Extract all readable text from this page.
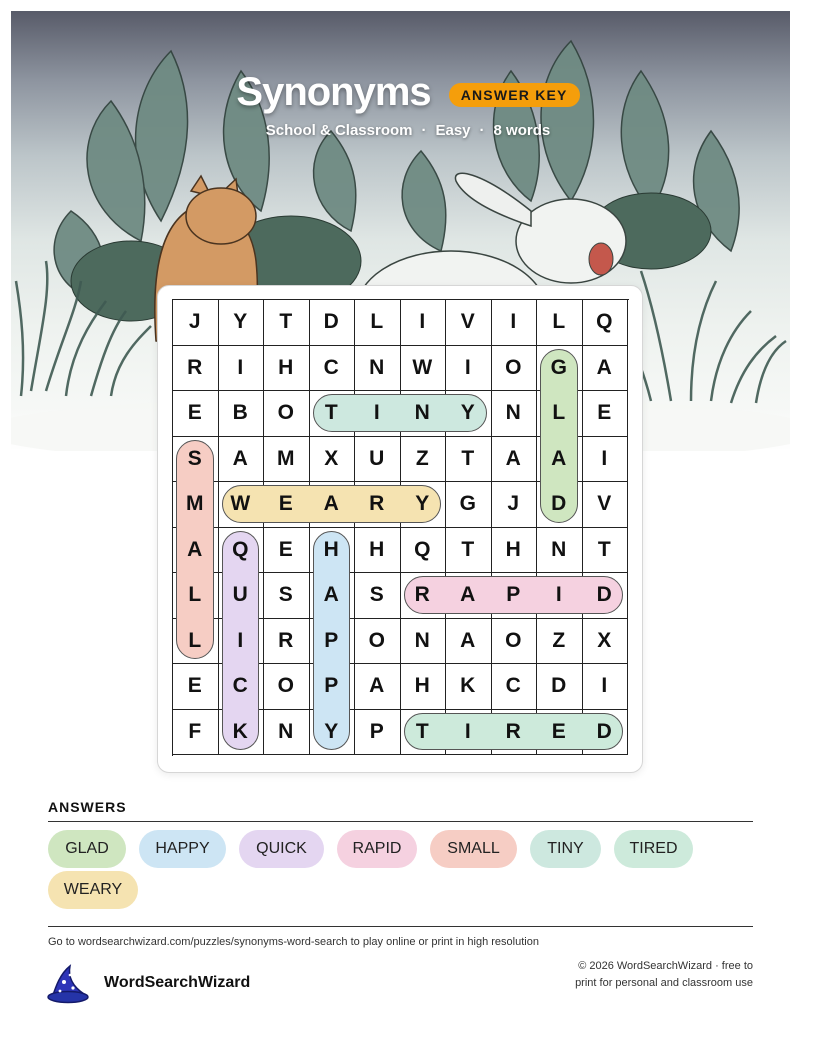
Synonyms ANSWER KEY
School & Classroom · Easy · 8 words
J	Y	T	D	L	I	V	I	L	Q
R	I	H	C	N	W	I	O	G	A
E	B	O	T	I	N	Y	N	L	E
S	A	M	X	U	Z	T	A	A	I
M	W	E	A	R	Y	G	J	D	V
A	Q	E	H	H	Q	T	H	N	T
L	U	S	A	S	R	A	P	I	D
L	I	R	P	O	N	A	O	Z	X
E	C	O	P	A	H	K	C	D	I
F	K	N	Y	P	T	I	R	E	D
ANSWERS
GLAD	HAPPY	QUICK	RAPID	SMALL	TINY	TIRED
WEARY
Go to wordsearchwizard.com/puzzles/synonyms-word-search to play online or print in high resolution
WordSearchWizard
© 2026 WordSearchWizard · free to print for personal and classroom use
